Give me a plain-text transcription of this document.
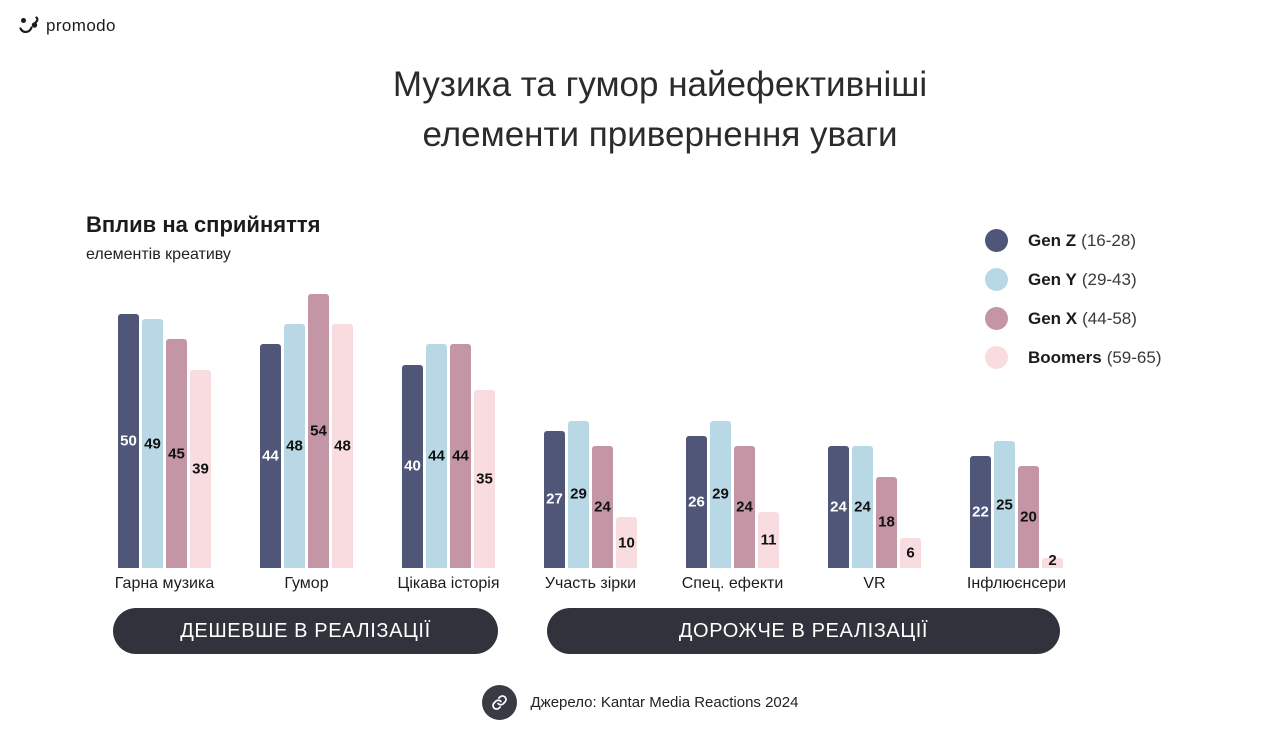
promodo
Музика та гумор найефективніші
елементи привернення уваги
Вплив на сприйняття
елементів креативу
Gen Z (16-28)
Gen Y (29-43)
Gen X (44-58)
Boomers (59-65)
50 49
45
39
Гарна музика
44
48
54
48
Гумор
40
44 44
35
Цікава історія
27 29
24
10
Участь зірки
26 29
24
11
Спец. ефекти
24 24
18
6
VR
22 25
20
2
Інфлюєнсери
ДЕШЕВШЕ В РЕАЛІЗАЦІЇ	ДОРОЖЧЕ В РЕАЛІЗАЦІЇ
Джерело: Kantar Media Reactions 2024
